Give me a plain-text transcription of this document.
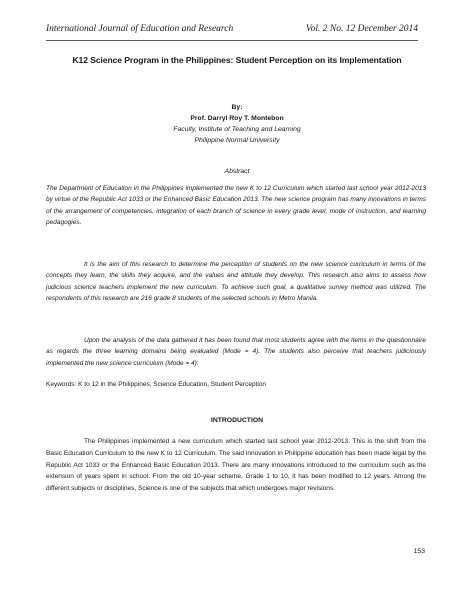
International Journal of Education and Research	Vol. 2 No. 12 December 2014
K12 Science Program in the Philippines: Student Perception on its Implementation
By:
Prof. Darryl Roy T. Montebon
Faculty, Institute of Teaching and Learning
Philippine Normal University
Abstract
The Department of Education in the Philippines implemented the new K to 12 Curriculum which started last school year 2012-2013 by virtue of the Republic Act 1033 or the Enhanced Basic Education 2013. The new science program has many innovations in terms of the arrangement of competencies, integration of each branch of science in every grade level, mode of instruction, and learning pedagogies.
It is the aim of this research to determine the perception of students on the new science curriculum in terms of the concepts they learn, the skills they acquire, and the values and attitude they develop. This research also aims to assess how judicious science teachers implement the new curriculum. To achieve such goal, a qualitative survey method was utilized. The respondents of this research are 216 grade 8 students of the selected schools in Metro Manila.
Upon the analysis of the data gathered it has been found that most students agree with the items in the questionnaire as regards the three learning domains being evaluated (Mode = 4). The students also perceive that teachers judiciously implemented the new science curriculum (Mode = 4).
Keywords: K to 12 in the Philippines, Science Education, Student Perception
INTRODUCTION
The Philippines implemented a new curriculum which started last school year 2012-2013. This is the shift from the Basic Education Curriculum to the new K to 12 Curriculum. The said innovation in Philippine education has been made legal by the Republic Act 1033 or the Enhanced Basic Education 2013. There are many innovations introduced to the curriculum such as the extension of years spent in school. From the old 10-year scheme, Grade 1 to 10, it has been modified to 12 years. Among the different subjects or disciplines, Science is one of the subjects that which undergoes major revisions.
153
